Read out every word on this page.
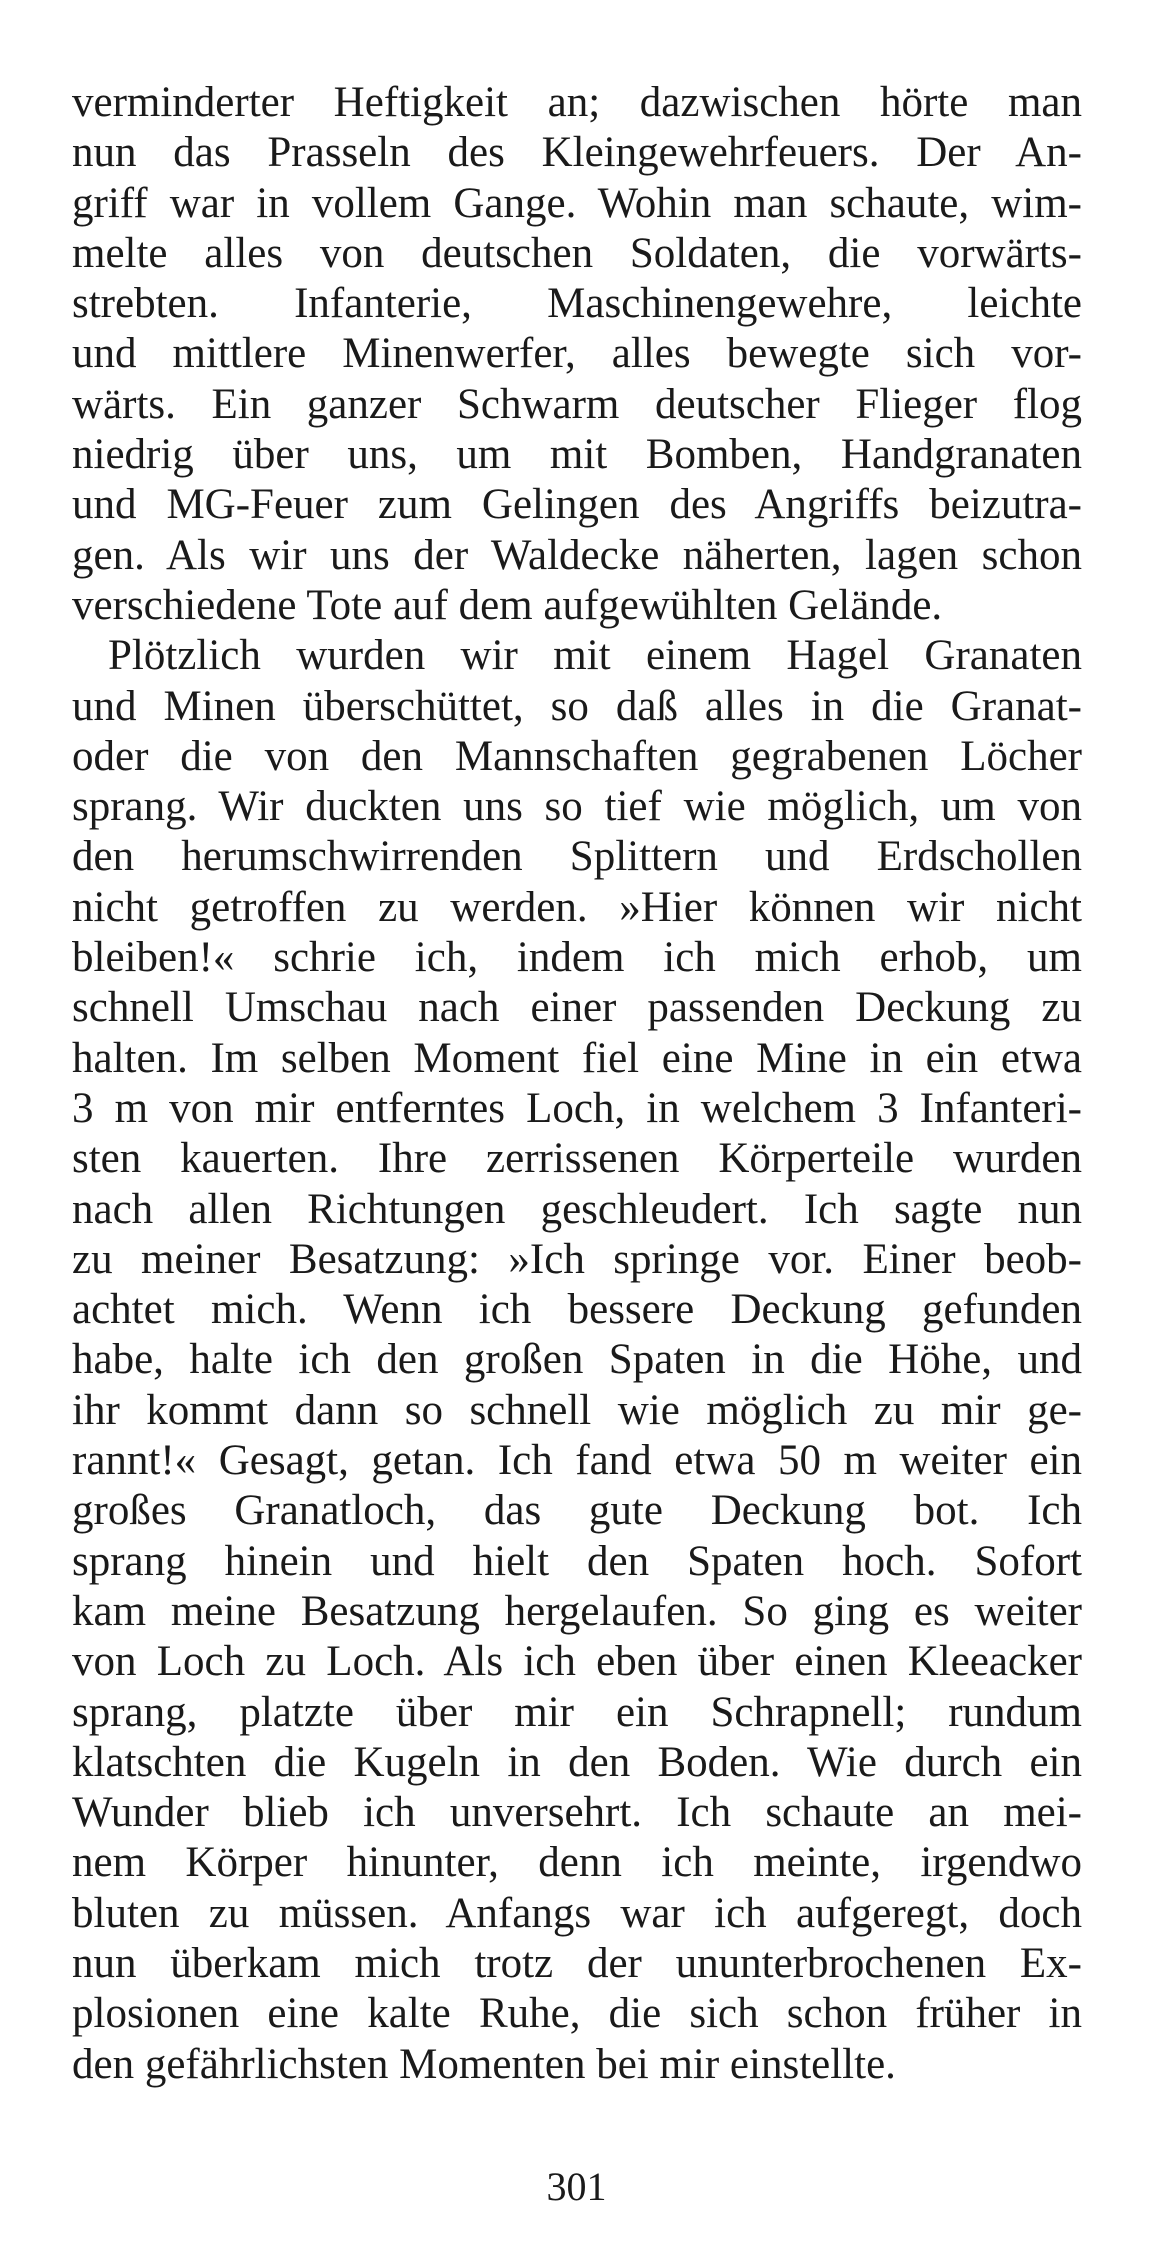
verminderter Heftigkeit an; dazwischen hörte man
nun das Prasseln des Kleingewehrfeuers. Der An-
griff war in vollem Gange. Wohin man schaute, wim-
melte alles von deutschen Soldaten, die vorwärts-
strebten. Infanterie, Maschinengewehre, leichte
und mittlere Minenwerfer, alles bewegte sich vor-
wärts. Ein ganzer Schwarm deutscher Flieger flog
niedrig über uns, um mit Bomben, Handgranaten
und MG-Feuer zum Gelingen des Angriffs beizutra-
gen. Als wir uns der Waldecke näherten, lagen schon
verschiedene Tote auf dem aufgewühlten Gelände.
Plötzlich wurden wir mit einem Hagel Granaten
und Minen überschüttet, so daß alles in die Granat-
oder die von den Mannschaften gegrabenen Löcher
sprang. Wir duckten uns so tief wie möglich, um von
den herumschwirrenden Splittern und Erdschollen
nicht getroffen zu werden. »Hier können wir nicht
bleiben!« schrie ich, indem ich mich erhob, um
schnell Umschau nach einer passenden Deckung zu
halten. Im selben Moment fiel eine Mine in ein etwa
3 m von mir entferntes Loch, in welchem 3 Infanteri-
sten kauerten. Ihre zerrissenen Körperteile wurden
nach allen Richtungen geschleudert. Ich sagte nun
zu meiner Besatzung: »Ich springe vor. Einer beob-
achtet mich. Wenn ich bessere Deckung gefunden
habe, halte ich den großen Spaten in die Höhe, und
ihr kommt dann so schnell wie möglich zu mir ge-
rannt!« Gesagt, getan. Ich fand etwa 50 m weiter ein
großes Granatloch, das gute Deckung bot. Ich
sprang hinein und hielt den Spaten hoch. Sofort
kam meine Besatzung hergelaufen. So ging es weiter
von Loch zu Loch. Als ich eben über einen Kleeacker
sprang, platzte über mir ein Schrapnell; rundum
klatschten die Kugeln in den Boden. Wie durch ein
Wunder blieb ich unversehrt. Ich schaute an mei-
nem Körper hinunter, denn ich meinte, irgendwo
bluten zu müssen. Anfangs war ich aufgeregt, doch
nun überkam mich trotz der ununterbrochenen Ex-
plosionen eine kalte Ruhe, die sich schon früher in
den gefährlichsten Momenten bei mir einstellte.
301
